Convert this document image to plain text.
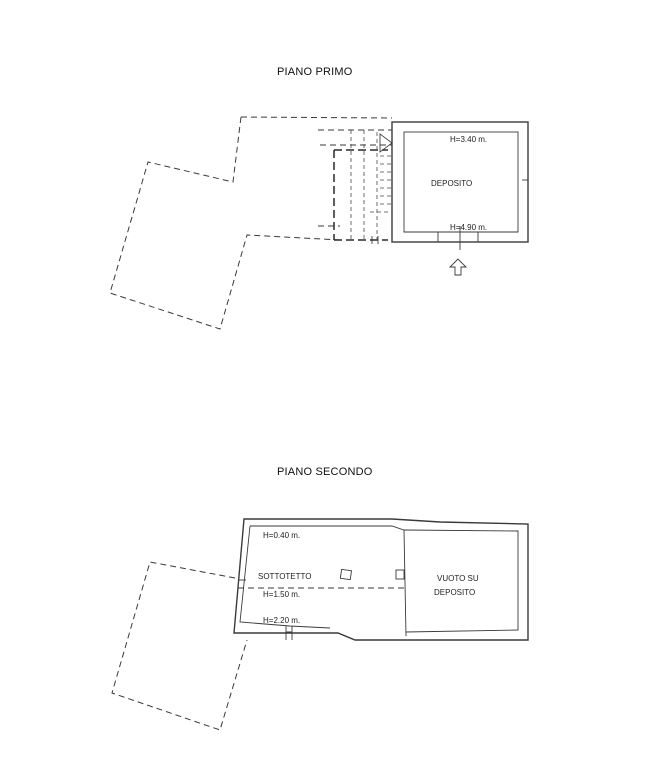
PIANO PRIMO
H=3.40 m.
DEPOSITO
H=4.90 m.
PIANO SECONDO
H=0.40 m.
SOTTOTETTO
H=1.50 m.
H=2.20 m.
VUOTO SU
DEPOSITO
